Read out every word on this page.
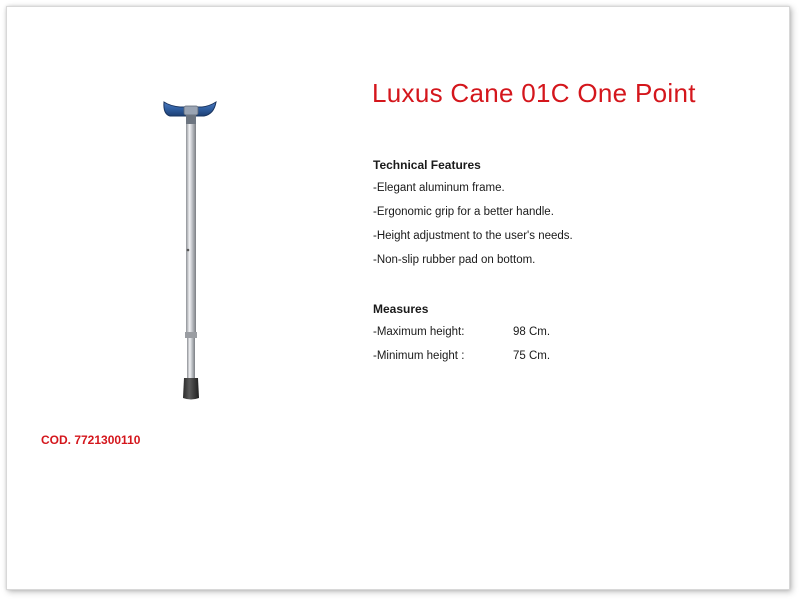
Luxus Cane 01C One Point
Technical Features
-Elegant aluminum frame.
-Ergonomic grip for a better handle.
-Height adjustment to the user's needs.
-Non-slip rubber pad on bottom.
Measures
-Maximum height:	98 Cm.
-Minimum height :	75 Cm.
COD. 7721300110
